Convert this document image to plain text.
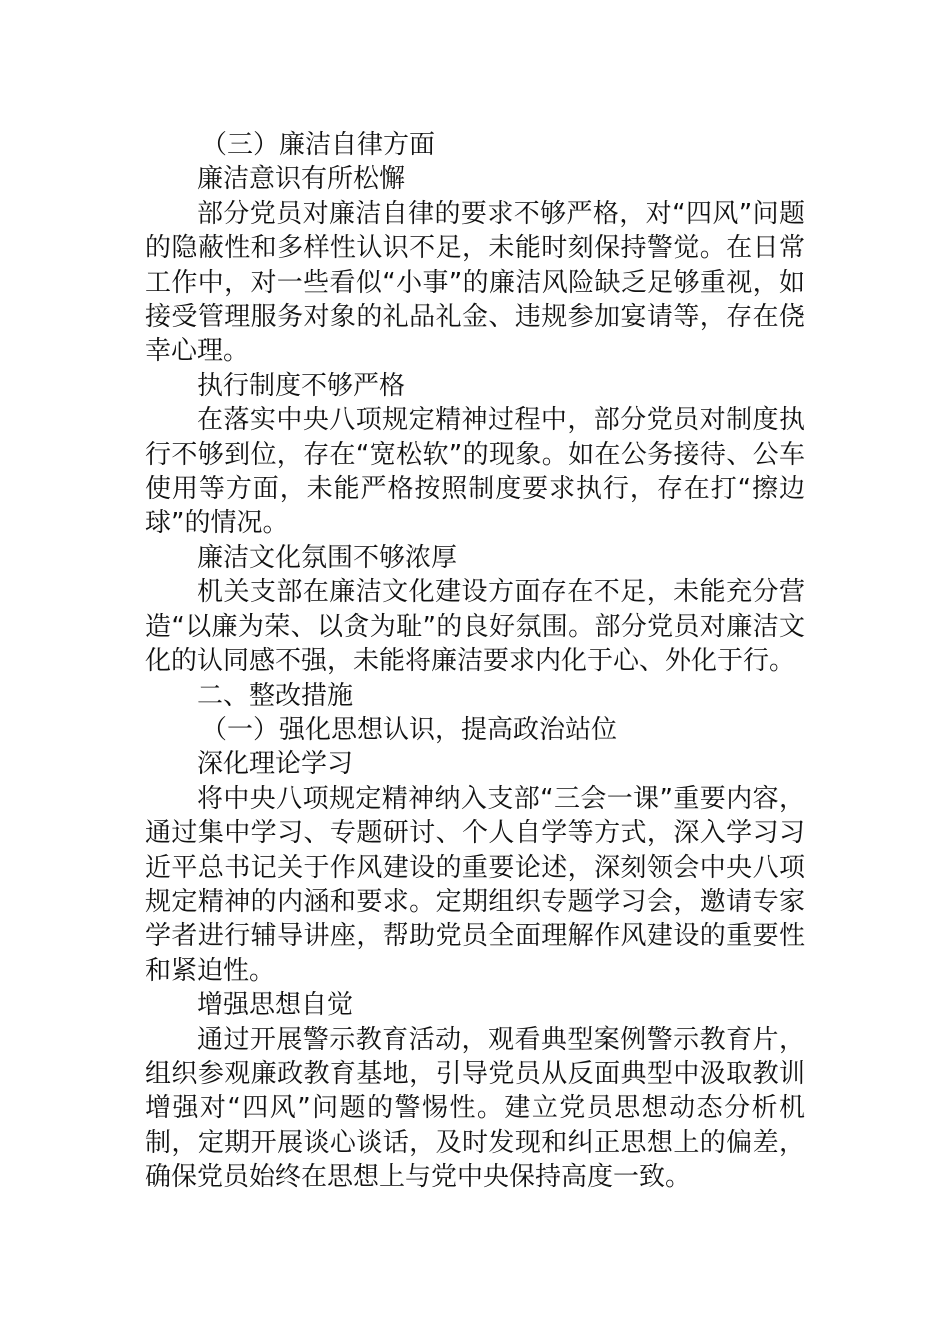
（三）廉洁自律方面
廉洁意识有所松懈
部分党员对廉洁自律的要求不够严格，对“四风”问题的隐蔽性和多样性认识不足，未能时刻保持警觉。在日常工作中，对一些看似“小事”的廉洁风险缺乏足够重视，如接受管理服务对象的礼品礼金、违规参加宴请等，存在侥幸心理。
执行制度不够严格
在落实中央八项规定精神过程中，部分党员对制度执行不够到位，存在“宽松软”的现象。如在公务接待、公车使用等方面，未能严格按照制度要求执行，存在打“擦边球”的情况。
廉洁文化氛围不够浓厚
机关支部在廉洁文化建设方面存在不足，未能充分营造“以廉为荣、以贪为耻”的良好氛围。部分党员对廉洁文化的认同感不强，未能将廉洁要求内化于心、外化于行。
二、整改措施
（一）强化思想认识，提高政治站位
深化理论学习
将中央八项规定精神纳入支部“三会一课”重要内容，通过集中学习、专题研讨、个人自学等方式，深入学习习近平总书记关于作风建设的重要论述，深刻领会中央八项规定精神的内涵和要求。定期组织专题学习会，邀请专家学者进行辅导讲座，帮助党员全面理解作风建设的重要性和紧迫性。
增强思想自觉
通过开展警示教育活动，观看典型案例警示教育片，组织参观廉政教育基地，引导党员从反面典型中汲取教训增强对“四风”问题的警惕性。建立党员思想动态分析机制，定期开展谈心谈话，及时发现和纠正思想上的偏差，确保党员始终在思想上与党中央保持高度一致。
